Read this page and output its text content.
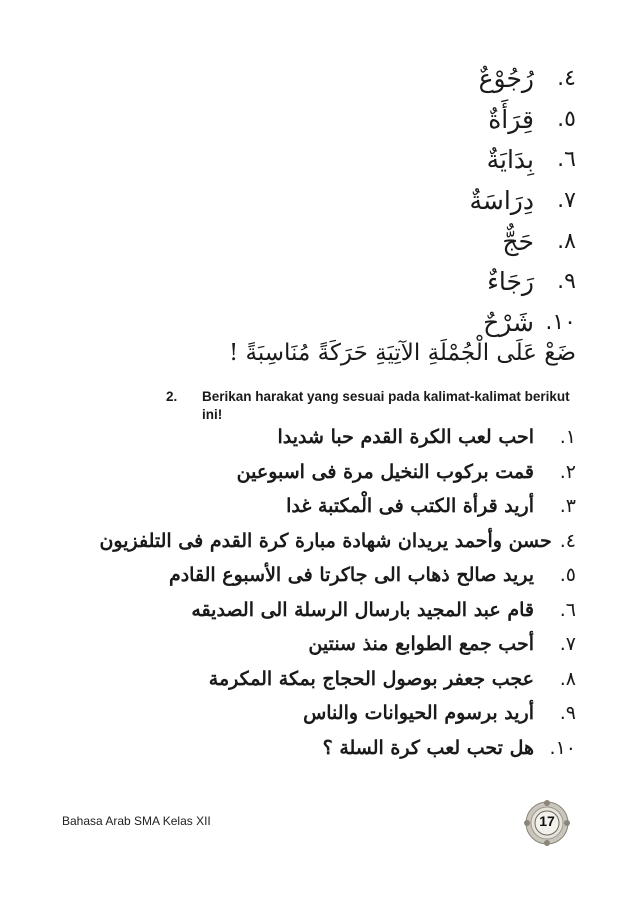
٤.
رُجُوْعٌ
٥.
قِرَأَةٌ
٦.
بِدَايَةٌ
٧.
دِرَاسَةٌ
٨.
حَجٌّ
٩.
رَجَاءٌ
١٠.
شَرْحٌ
ضَعْ عَلَى الْجُمْلَةِ الآتِيَةِ حَرَكَةً مُنَاسِبَةً !
2. Berikan harakat yang sesuai pada kalimat-kalimat berikut ini!
١.
احب لعب الكرة القدم حبا شديدا
٢.
قمت بركوب النخيل مرة فى اسبوعين
٣.
أريد قرأة الكتب فى الْمكتبة غدا
٤.
حسن وأحمد يريدان شهادة مبارة كرة القدم فى التلفزيون
٥.
يريد صالح ذهاب الى جاكرتا فى الأسبوع القادم
٦.
قام عبد المجيد بارسال الرسلة الى الصديقه
٧.
أحب جمع الطوابع منذ سنتين
٨.
عجب جعفر بوصول الحجاج بمكة المكرمة
٩.
أريد برسوم الحيوانات والناس
١٠.
هل تحب لعب كرة السلة ؟
Bahasa Arab SMA Kelas XII	17
